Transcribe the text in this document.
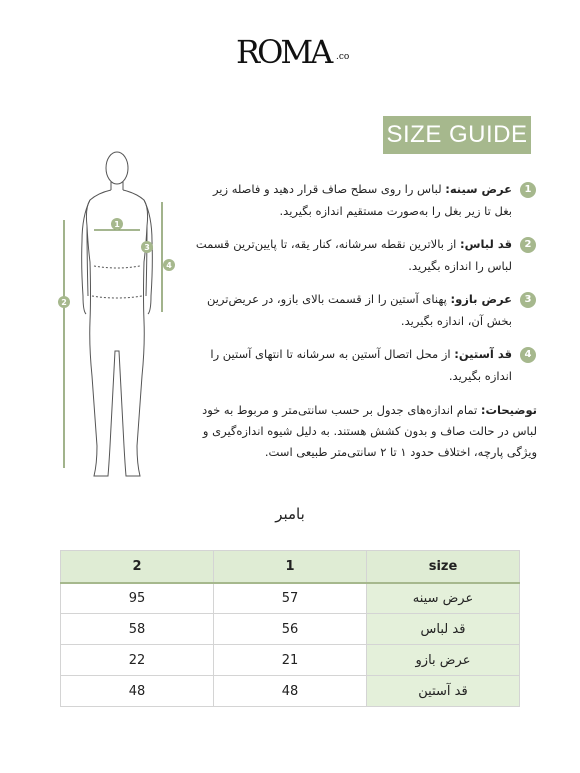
ROMA .co
SIZE GUIDE
1
2
3
4
1
عرض سینه: لباس را روی سطح صاف قرار دهید و فاصله زیر بغل تا زیر بغل را به‌صورت مستقیم اندازه بگیرید.
2
قد لباس: از بالاترین نقطه سرشانه، کنار یقه، تا پایین‌ترین قسمت لباس را اندازه بگیرید.
3
عرض بازو: پهنای آستین را از قسمت بالای بازو، در عریض‌ترین بخش آن، اندازه بگیرید.
4
قد آستین: از محل اتصال آستین به سرشانه تا انتهای آستین را اندازه بگیرید.
توضیحات: تمام اندازه‌های جدول بر حسب سانتی‌متر و مربوط به خود لباس در حالت صاف و بدون کشش هستند. به دلیل شیوه اندازه‌گیری و ویژگی پارچه، اختلاف حدود ۱ تا ۲ سانتی‌متر طبیعی است.
بامبر
2	1	size
95	57	عرض سینه
58	56	قد لباس
22	21	عرض بازو
48	48	قد آستین
